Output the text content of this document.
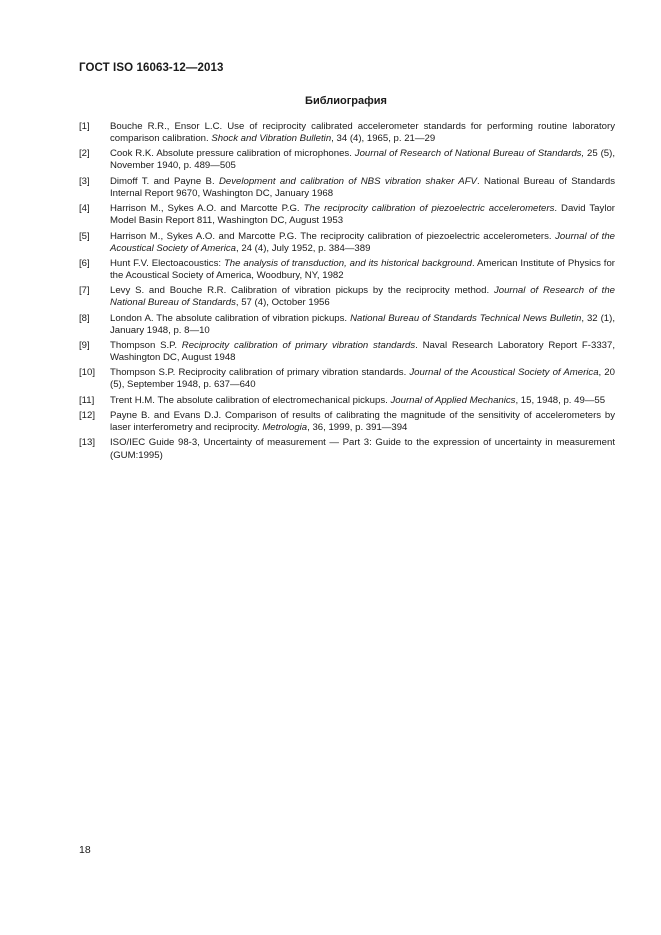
ГОСТ ISO 16063-12—2013
Библиография
[1]	Bouche R.R., Ensor L.C. Use of reciprocity calibrated accelerometer standards for performing routine laboratory comparison calibration. Shock and Vibration Bulletin, 34 (4), 1965, p. 21—29
[2]	Cook R.K. Absolute pressure calibration of microphones. Journal of Research of National Bureau of Standards, 25 (5), November 1940, p. 489—505
[3]	Dimoff T. and Payne B. Development and calibration of NBS vibration shaker AFV. National Bureau of Standards Internal Report 9670, Washington DC, January 1968
[4]	Harrison M., Sykes A.O. and Marcotte P.G. The reciprocity calibration of piezoelectric accelerometers. David Taylor Model Basin Report 811, Washington DC, August 1953
[5]	Harrison M., Sykes A.O. and Marcotte P.G. The reciprocity calibration of piezoelectric accelerometers. Journal of the Acoustical Society of America, 24 (4), July 1952, p. 384—389
[6]	Hunt F.V. Electoacoustics: The analysis of transduction, and its historical background. American Institute of Physics for the Acoustical Society of America, Woodbury, NY, 1982
[7]	Levy S. and Bouche R.R. Calibration of vibration pickups by the reciprocity method. Journal of Research of the National Bureau of Standards, 57 (4), October 1956
[8]	London A. The absolute calibration of vibration pickups. National Bureau of Standards Technical News Bulletin, 32 (1), January 1948, p. 8—10
[9]	Thompson S.P. Reciprocity calibration of primary vibration standards. Naval Research Laboratory Report F-3337, Washington DC, August 1948
[10]	Thompson S.P. Reciprocity calibration of primary vibration standards. Journal of the Acoustical Society of America, 20 (5), September 1948, p. 637—640
[11]	Trent H.M. The absolute calibration of electromechanical pickups. Journal of Applied Mechanics, 15, 1948, p. 49—55
[12]	Payne B. and Evans D.J. Comparison of results of calibrating the magnitude of the sensitivity of accelerometers by laser interferometry and reciprocity. Metrologia, 36, 1999, p. 391—394
[13]	ISO/IEC Guide 98-3, Uncertainty of measurement — Part 3: Guide to the expression of uncertainty in measurement (GUM:1995)
18
